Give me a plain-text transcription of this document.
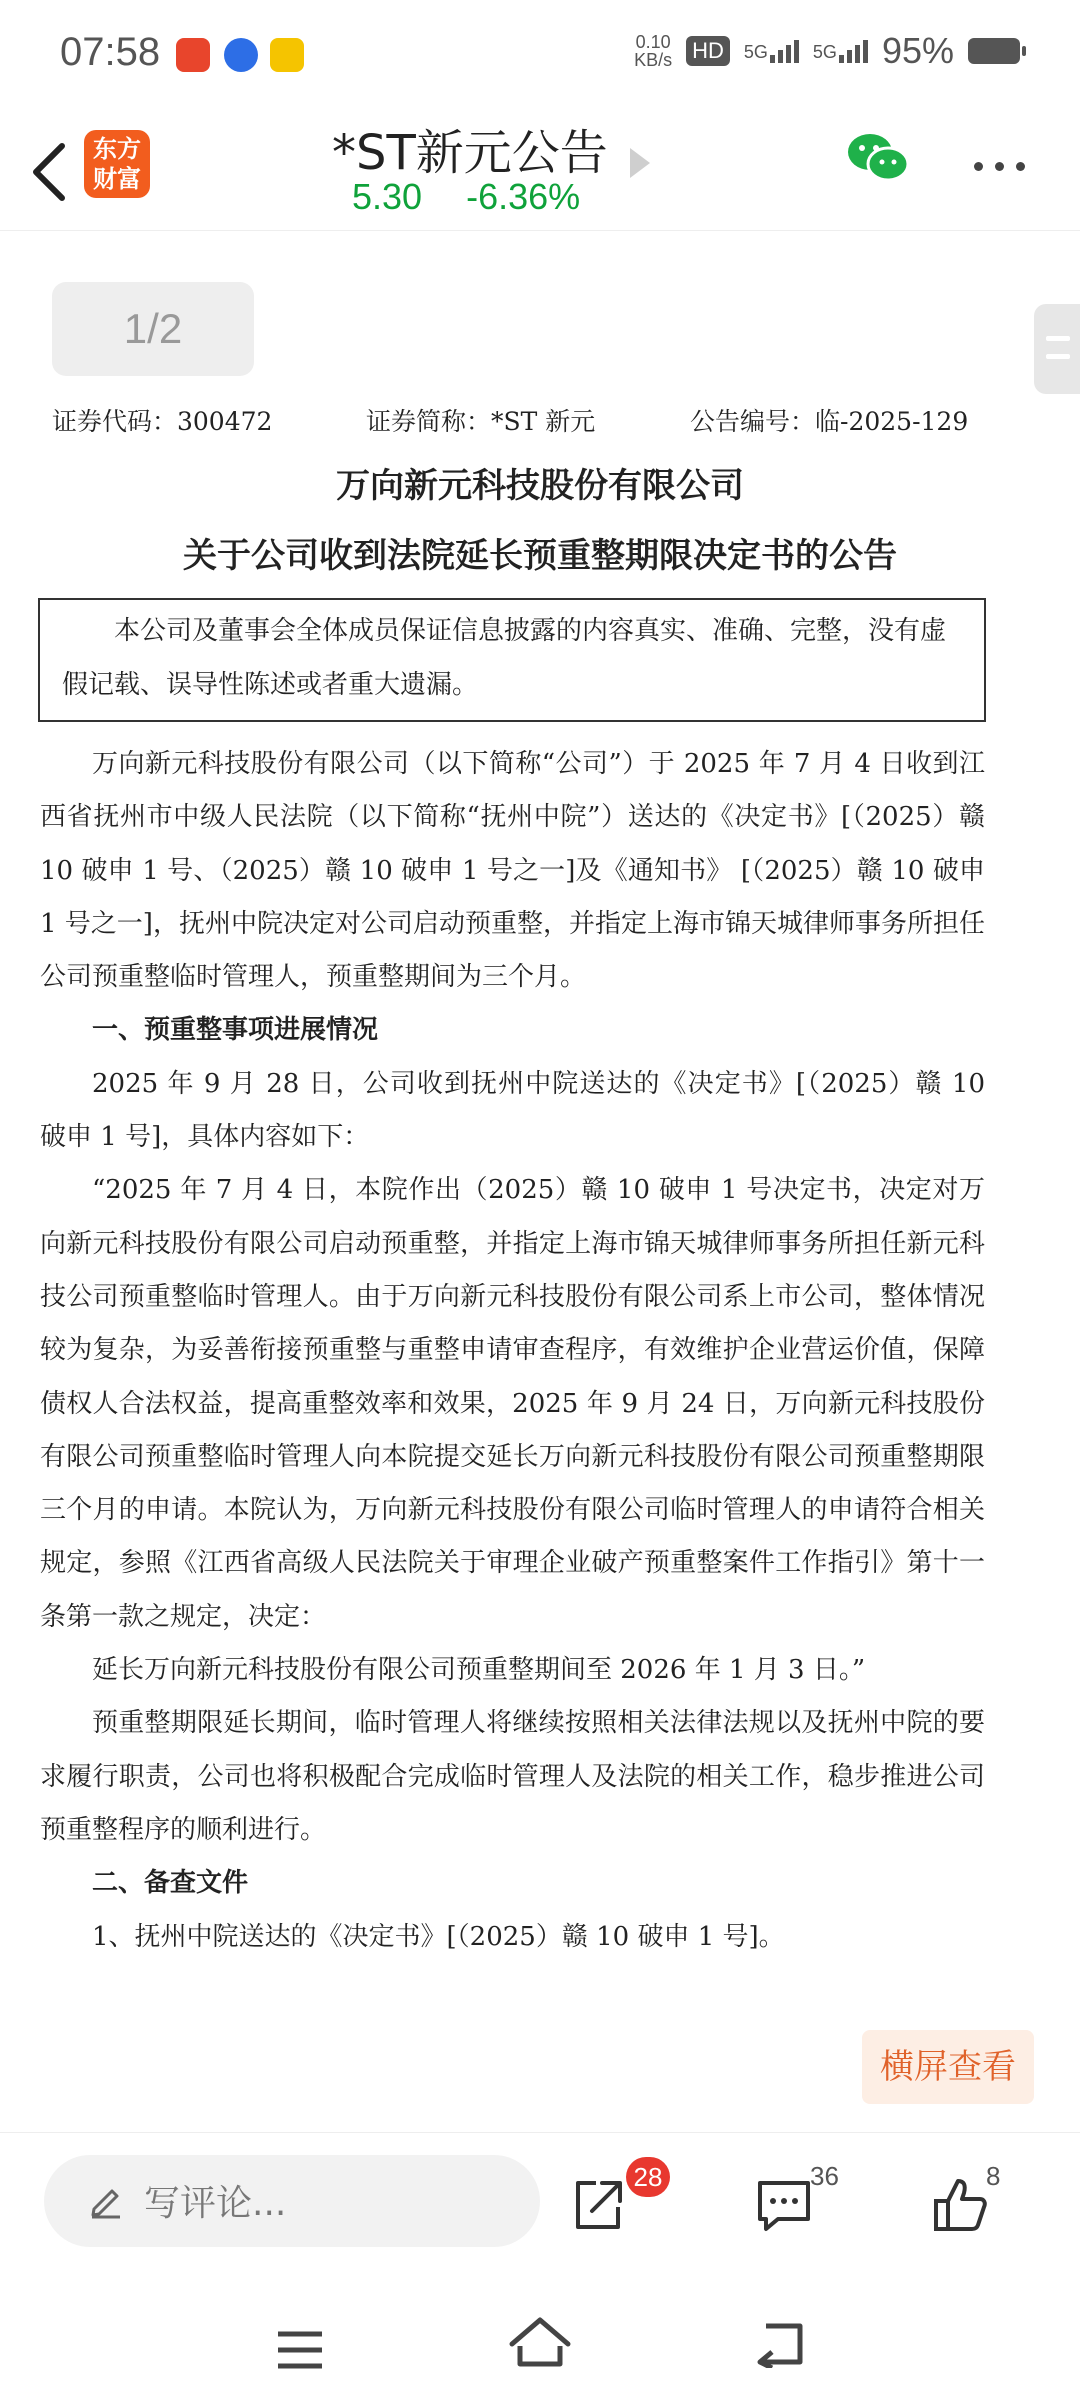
07:58	0.10
KB/s HD	5G	5G 95%
东方
财富	*ST新元公告
5.30 -6.36%
1/2
证券代码：300472	证券简称：*ST 新元	公告编号：临-2025-129
万向新元科技股份有限公司
关于公司收到法院延长预重整期限决定书的公告
本公司及董事会全体成员保证信息披露的内容真实、准确、完整，没有虚假记载、误导性陈述或者重大遗漏。

万向新元科技股份有限公司（以下简称“公司”）于 2025 年 7 月 4 日收到江西省抚州市中级人民法院（以下简称“抚州中院”）送达的《决定书》[（2025）赣 10 破申 1 号、（2025）赣 10 破申 1 号之一]及《通知书》 [（2025）赣 10 破申 1 号之一]，抚州中院决定对公司启动预重整，并指定上海市锦天城律师事务所担任公司预重整临时管理人，预重整期间为三个月。

一、预重整事项进展情况

2025 年 9 月 28 日，公司收到抚州中院送达的《决定书》[（2025）赣 10 破申 1 号]，具体内容如下：

“2025 年 7 月 4 日，本院作出（2025）赣 10 破申 1 号决定书，决定对万向新元科技股份有限公司启动预重整，并指定上海市锦天城律师事务所担任新元科技公司预重整临时管理人。由于万向新元科技股份有限公司系上市公司，整体情况较为复杂，为妥善衔接预重整与重整申请审查程序，有效维护企业营运价值，保障债权人合法权益，提高重整效率和效果，2025 年 9 月 24 日，万向新元科技股份有限公司预重整临时管理人向本院提交延长万向新元科技股份有限公司预重整期限三个月的申请。本院认为，万向新元科技股份有限公司临时管理人的申请符合相关规定，参照《江西省高级人民法院关于审理企业破产预重整案件工作指引》第十一条第一款之规定，决定：

延长万向新元科技股份有限公司预重整期间至 2026 年 1 月 3 日。”

预重整期限延长期间，临时管理人将继续按照相关法律法规以及抚州中院的要求履行职责，公司也将积极配合完成临时管理人及法院的相关工作，稳步推进公司预重整程序的顺利进行。

二、备查文件

1、抚州中院送达的《决定书》[（2025）赣 10 破申 1 号]。

横屏查看
写评论...
28	36	8
